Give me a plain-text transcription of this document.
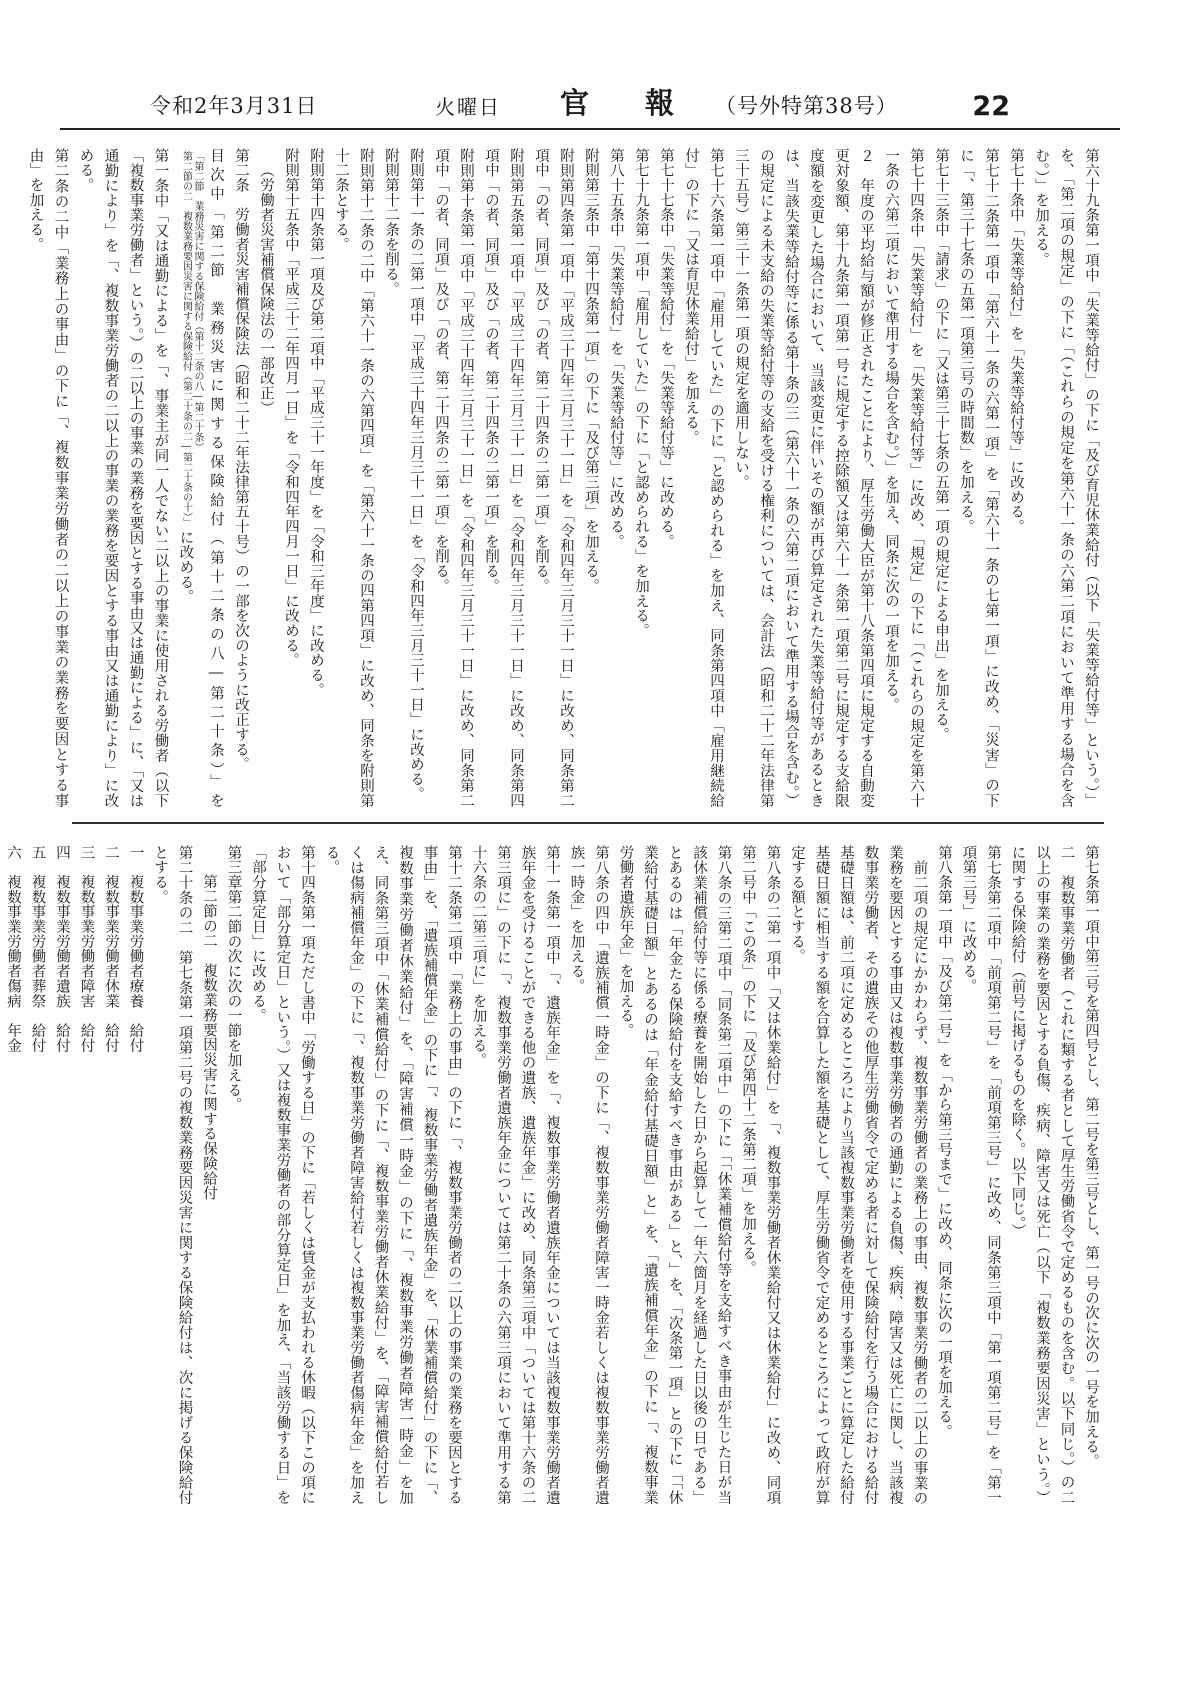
令和2年3月31日	火曜日 官報
（号外特第38号）	22

第六十九条第一項中「失業等給付」の下に「及び育児休業給付（以下「失業等給付等」という。）」を、「第二項の規定」の下に「（これらの規定を第六十一条の六第二項において準用する場合を含む。）」を加える。

第七十条中「失業等給付」を「失業等給付等」に改める。

第七十二条第一項中「第六十一条の六第一項」を「第六十一条の七第一項」に改め、「災害」の下に「、第三十七条の五第一項第三号の時間数」を加える。

第七十三条中「請求」の下に「又は第三十七条の五第一項の規定による申出」を加える。

第七十四条中「失業等給付」を「失業等給付等」に改め、「規定」の下に「（これらの規定を第六十一条の六第二項において準用する場合を含む。）」を加え、同条に次の一項を加える。

２　年度の平均給与額が修正されたことにより、厚生労働大臣が第十八条第四項に規定する自動変更対象額、第十九条第一項第一号に規定する控除額又は第六十一条第一項第二号に規定する支給限度額を変更した場合において、当該変更に伴いその額が再び算定された失業等給付等があるときは、当該失業等給付等に係る第十条の三（第六十一条の六第二項において準用する場合を含む。）の規定による未支給の失業等給付等の支給を受ける権利については、会計法（昭和二十二年法律第三十五号）第三十一条第一項の規定を適用しない。

第七十六条第一項中「雇用していた」の下に「と認められる」を加え、同条第四項中「雇用継続給付」の下に「又は育児休業給付」を加える。

第七十七条中「失業等給付」を「失業等給付等」に改める。

第七十九条第一項中「雇用していた」の下に「と認められる」を加える。

第八十五条中「失業等給付」を「失業等給付等」に改める。

附則第三条中「第十四条第一項」の下に「及び第三項」を加える。

附則第四条第一項中「平成三十四年三月三十一日」を「令和四年三月三十一日」に改め、同条第二項中「の者、同項」及び「の者、第二十四条の二第一項」を削る。

附則第五条第一項中「平成三十四年三月三十一日」を「令和四年三月三十一日」に改め、同条第四項中「の者、同項」及び「の者、第二十四条の二第一項」を削る。

附則第十条第一項中「平成三十四年三月三十一日」を「令和四年三月三十一日」に改め、同条第二項中「の者、同項」及び「の者、第二十四条の二第一項」を削る。

附則第十一条の二第一項中「平成三十四年三月三十一日」を「令和四年三月三十一日」に改める。

附則第十二条を削る。

附則第十二条の二中「第六十一条の六第四項」を「第六十一条の四第四項」に改め、同条を附則第十二条とする。

附則第十四条第一項及び第二項中「平成三十一年度」を「令和三年度」に改める。

附則第十五条中「平成三十二年四月一日」を「令和四年四月一日」に改める。

（労働者災害補償保険法の一部改正）

第二条　労働者災害補償保険法（昭和二十二年法律第五十号）の一部を次のように改正する。

目次中「第二節　業務災害に関する保険給付（第十二条の八―第二十条）」を
「第二節　業務災害に関する保険給付（第十二条の八―第二十条）
第二節の二　複数業務要因災害に関する保険給付（第二十条の二―第二十条の十）」
に改める。

第一条中「又は通勤による」を「、事業主が同一人でない二以上の事業に使用される労働者（以下「複数事業労働者」という。）の二以上の事業の業務を要因とする事由又は通勤による」に、「又は通勤により」を「、複数事業労働者の二以上の事業の業務を要因とする事由又は通勤により」に改める。

第二条の二中「業務上の事由」の下に「、複数事業労働者の二以上の事業の業務を要因とする事由」を加える。

第七条第一項中第三号を第四号とし、第二号を第三号とし、第一号の次に次の一号を加える。

二　複数事業労働者（これに類する者として厚生労働省令で定めるものを含む。以下同じ。）の二以上の事業の業務を要因とする負傷、疾病、障害又は死亡（以下「複数業務要因災害」という。）に関する保険給付（前号に掲げるものを除く。以下同じ。）

第七条第二項中「前項第二号」を「前項第三号」に改め、同条第三項中「第一項第二号」を「第一項第三号」に改める。

第八条第一項中「及び第二号」を「から第三号まで」に改め、同条に次の一項を加える。

前二項の規定にかかわらず、複数事業労働者の業務上の事由、複数事業労働者の二以上の事業の業務を要因とする事由又は複数事業労働者の通勤による負傷、疾病、障害又は死亡に関し、当該複数事業労働者、その遺族その他厚生労働省令で定める者に対して保険給付を行う場合における給付基礎日額は、前二項に定めるところにより当該複数事業労働者を使用する事業ごとに算定した給付基礎日額に相当する額を合算した額を基礎として、厚生労働省令で定めるところによって政府が算定する額とする。

第八条の二第一項中「又は休業給付」を「、複数事業労働者休業給付又は休業給付」に改め、同項第二号中「この条」の下に「及び第四十二条第二項」を加える。

第八条の三第二項中「同条第二項中」の下に「「休業補償給付等を支給すべき事由が生じた日が当該休業補償給付等に係る療養を開始した日から起算して一年六箇月を経過した日以後の日である」とあるのは「年金たる保険給付を支給すべき事由がある」と、」を、「次条第一項」との下に「「休業給付基礎日額」とあるのは「年金給付基礎日額」と」を、「遺族補償年金」の下に「、複数事業労働者遺族年金」を加える。

第八条の四中「遺族補償一時金」の下に「、複数事業労働者障害一時金若しくは複数事業労働者遺族一時金」を加える。

第十一条第一項中「、遺族年金」を「、複数事業労働者遺族年金については当該複数事業労働者遺族年金を受けることができる他の遺族、遺族年金」に改め、同条第三項中「ついては第十六条の二第三項に」の下に「、複数事業労働者遺族年金については第二十条の六第三項において準用する第十六条の二第三項に」を加える。

第十二条第二項中「業務上の事由」の下に「、複数事業労働者の二以上の事業の業務を要因とする事由」を、「遺族補償年金」の下に「、複数事業労働者遺族年金」を、「休業補償給付」の下に「、複数事業労働者休業給付」を、「障害補償一時金」の下に「、複数事業労働者障害一時金」を加え、同条第三項中「休業補償給付」の下に「、複数事業労働者休業給付」を、「障害補償給付若しくは傷病補償年金」の下に「、複数事業労働者障害給付若しくは複数事業労働者傷病年金」を加える。

第十四条第一項ただし書中「労働する日」の下に「若しくは賃金が支払われる休暇（以下この項において「部分算定日」という。）又は複数事業労働者の部分算定日」を加え、「当該労働する日」を「部分算定日」に改める。

第三章第二節の次に次の一節を加える。

第二節の二　複数業務要因災害に関する保険給付

第二十条の二　第七条第一項第二号の複数業務要因災害に関する保険給付は、次に掲げる保険給付とする。

一　複数事業労働者療養　給付

二　複数事業労働者休業　給付

三　複数事業労働者障害　給付

四　複数事業労働者遺族　給付

五　複数事業労働者葬祭　給付

六　複数事業労働者傷病　年金
